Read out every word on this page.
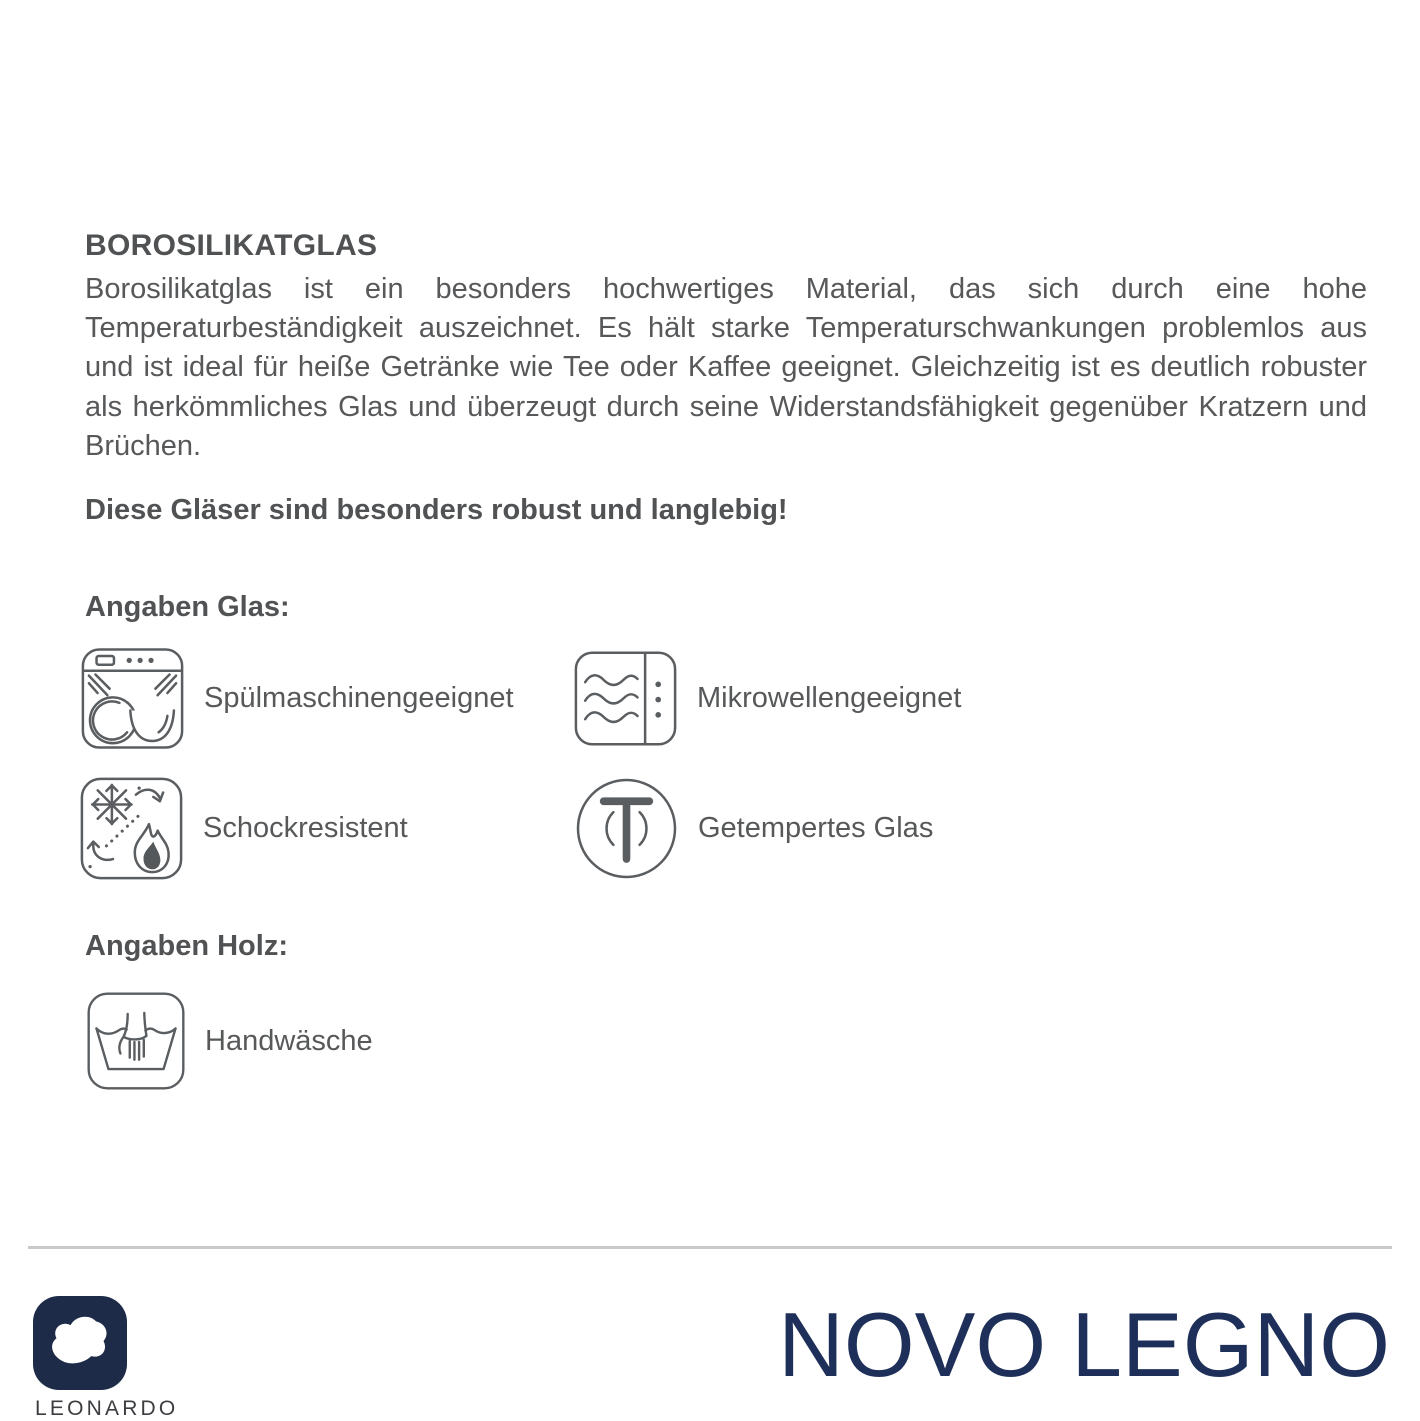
BOROSILIKATGLAS
Borosilikatglas ist ein besonders hochwertiges Material, das sich durch eine hohe
Temperaturbeständigkeit auszeichnet. Es hält starke Temperaturschwankungen problemlos aus
und ist ideal für heiße Getränke wie Tee oder Kaffee geeignet. Gleichzeitig ist es deutlich robuster
als herkömmliches Glas und überzeugt durch seine Widerstandsfähigkeit gegenüber Kratzern und
Brüchen.
Diese Gläser sind besonders robust und langlebig!
Angaben Glas:
Spülmaschinengeeignet	Mikrowellengeeignet
Schockresistent	Getempertes Glas
Angaben Holz:
Handwäsche
LEONARDO
NOVO LEGNO
